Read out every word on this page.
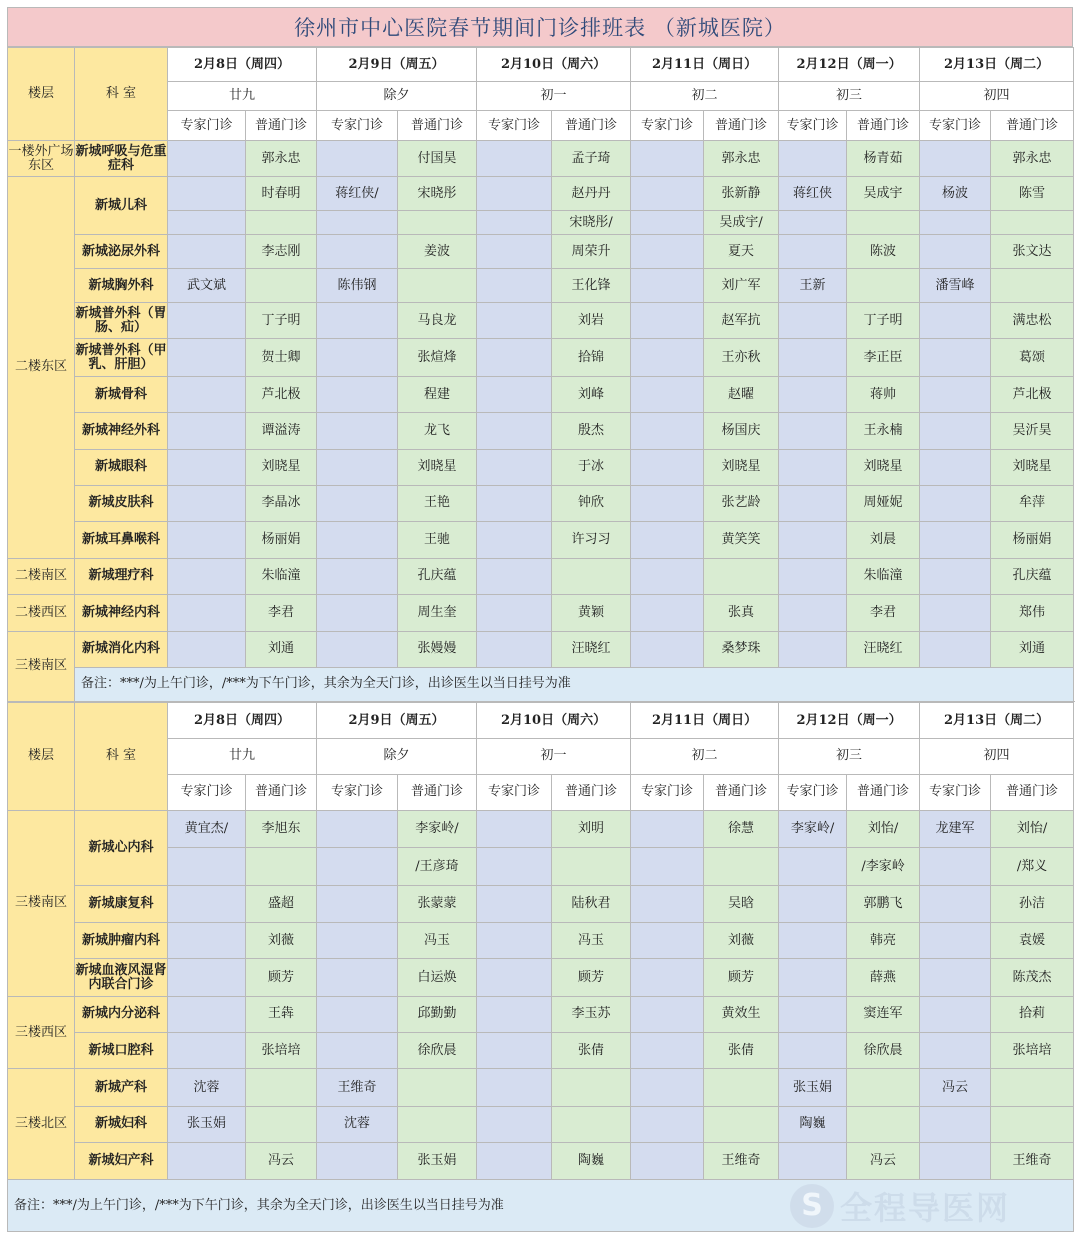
徐州市中心医院春节期间门诊排班表 （新城医院）
楼层	科 室	2月8日（周四）		2月9日（周五）		2月10日（周六）		2月11日（周日）		2月12日（周一）		2月13日（周二）	
		廿九		除夕		初一		初二		初三		初四	
		专家门诊	普通门诊	专家门诊	普通门诊	专家门诊	普通门诊	专家门诊	普通门诊	专家门诊	普通门诊	专家门诊	普通门诊
一楼外广场东区	新城呼吸与危重症科		郭永忠		付国昊		孟子琦		郭永忠		杨青茹		郭永忠
二楼东区	新城儿科		时春明	蒋红侠/	宋晓彤		赵丹丹		张新静	蒋红侠	吴成宇	杨波	陈雪
							宋晓彤/		吴成宇/				
	新城泌尿外科		李志刚		姜波		周荣升		夏天		陈波		张文达
	新城胸外科	武文斌		陈伟钢			王化锋		刘广军	王新		潘雪峰	
	新城普外科（胃肠、疝）		丁子明		马良龙		刘岩		赵军抗		丁子明		满忠松
	新城普外科（甲乳、肝胆）		贺士卿		张煊烽		拾锦		王亦秋		李正臣		葛颂
	新城骨科		芦北极		程建		刘峰		赵曜		蒋帅		芦北极
	新城神经外科		谭溢涛		龙飞		殷杰		杨国庆		王永楠		吴沂昊
	新城眼科		刘晓星		刘晓星		于冰		刘晓星		刘晓星		刘晓星
	新城皮肤科		李晶冰		王艳		钟欣		张艺龄		周娅妮		牟萍
	新城耳鼻喉科		杨丽娟		王驰		许习习		黄笑笑		刘晨		杨丽娟
二楼南区	新城理疗科		朱临潼		孔庆蕴						朱临潼		孔庆蕴
二楼西区	新城神经内科		李君		周生奎		黄颖		张真		李君		郑伟
三楼南区	新城消化内科		刘通		张嫚嫚		汪晓红		桑梦珠		汪晓红		刘通
	备注：***/为上午门诊，/***为下午门诊，其余为全天门诊，出诊医生以当日挂号为准												
楼层	科 室	2月8日（周四）		2月9日（周五）		2月10日（周六）		2月11日（周日）		2月12日（周一）		2月13日（周二）	
		廿九		除夕		初一		初二		初三		初四	
		专家门诊	普通门诊	专家门诊	普通门诊	专家门诊	普通门诊	专家门诊	普通门诊	专家门诊	普通门诊	专家门诊	普通门诊
三楼南区	新城心内科	黄宜杰/	李旭东		李家岭/		刘明		徐慧	李家岭/	刘怡/	龙建军	刘怡/
					/王彦琦						/李家岭		/郑义
	新城康复科		盛超		张蒙蒙		陆秋君		吴晗		郭鹏飞		孙洁
	新城肿瘤内科		刘薇		冯玉		冯玉		刘薇		韩亮		袁媛
	新城血液风湿肾内联合门诊		顾芳		白运焕		顾芳		顾芳		薛燕		陈茂杰
三楼西区	新城内分泌科		王犇		邱勤勤		李玉苏		黄效生		窦连军		拾莉
	新城口腔科		张培培		徐欣晨		张倩		张倩		徐欣晨		张培培
三楼北区	新城产科	沈蓉		王维奇						张玉娟		冯云	
	新城妇科	张玉娟		沈蓉						陶巍			
	新城妇产科		冯云		张玉娟		陶巍		王维奇		冯云		王维奇
备注：***/为上午门诊，/***为下午门诊，其余为全天门诊，出诊医生以当日挂号为准														S 全程导医网
